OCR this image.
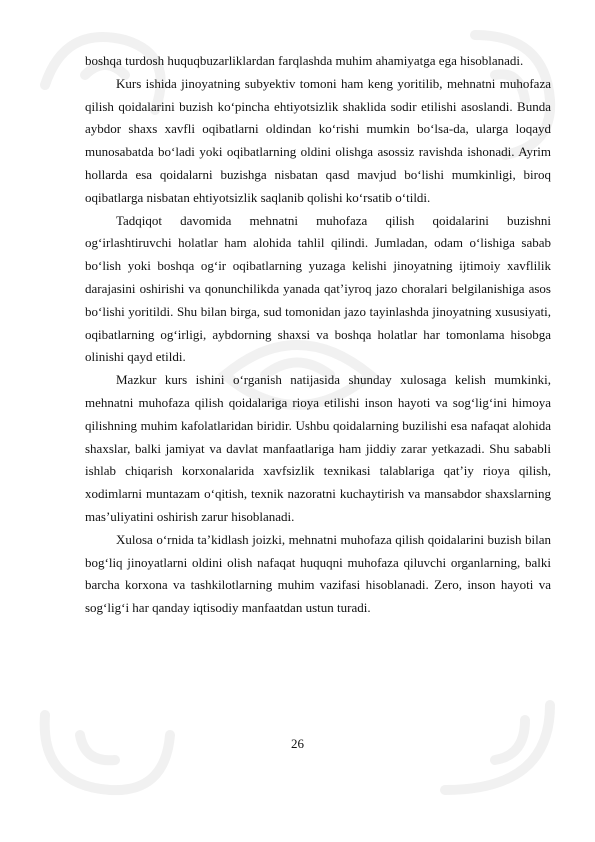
boshqa turdosh huquqbuzarliklardan farqlashda muhim ahamiyatga ega hisoblanadi.

Kurs ishida jinoyatning subyektiv tomoni ham keng yoritilib, mehnatni muhofaza qilish qoidalarini buzish ko‘pincha ehtiyotsizlik shaklida sodir etilishi asoslandi. Bunda aybdor shaxs xavfli oqibatlarni oldindan ko‘rishi mumkin bo‘lsa-da, ularga loqayd munosabatda bo‘ladi yoki oqibatlarning oldini olishga asossiz ravishda ishonadi. Ayrim hollarda esa qoidalarni buzishga nisbatan qasd mavjud bo‘lishi mumkinligi, biroq oqibatlarga nisbatan ehtiyotsizlik saqlanib qolishi ko‘rsatib o‘tildi.

Tadqiqot davomida mehnatni muhofaza qilish qoidalarini buzishni og‘irlashtiruvchi holatlar ham alohida tahlil qilindi. Jumladan, odam o‘lishiga sabab bo‘lish yoki boshqa og‘ir oqibatlarning yuzaga kelishi jinoyatning ijtimoiy xavflilik darajasini oshirishi va qonunchilikda yanada qat’iyroq jazo choralari belgilanishiga asos bo‘lishi yoritildi. Shu bilan birga, sud tomonidan jazo tayinlashda jinoyatning xususiyati, oqibatlarning og‘irligi, aybdorning shaxsi va boshqa holatlar har tomonlama hisobga olinishi qayd etildi.

Mazkur kurs ishini o‘rganish natijasida shunday xulosaga kelish mumkinki, mehnatni muhofaza qilish qoidalariga rioya etilishi inson hayoti va sog‘lig‘ini himoya qilishning muhim kafolatlaridan biridir. Ushbu qoidalarning buzilishi esa nafaqat alohida shaxslar, balki jamiyat va davlat manfaatlariga ham jiddiy zarar yetkazadi. Shu sababli ishlab chiqarish korxonalarida xavfsizlik texnikasi talablariga qat’iy rioya qilish, xodimlarni muntazam o‘qitish, texnik nazoratni kuchaytirish va mansabdor shaxslarning mas’uliyatini oshirish zarur hisoblanadi.

Xulosa o‘rnida ta’kidlash joizki, mehnatni muhofaza qilish qoidalarini buzish bilan bog‘liq jinoyatlarni oldini olish nafaqat huquqni muhofaza qiluvchi organlarning, balki barcha korxona va tashkilotlarning muhim vazifasi hisoblanadi. Zero, inson hayoti va sog‘lig‘i har qanday iqtisodiy manfaatdan ustun turadi.

26
